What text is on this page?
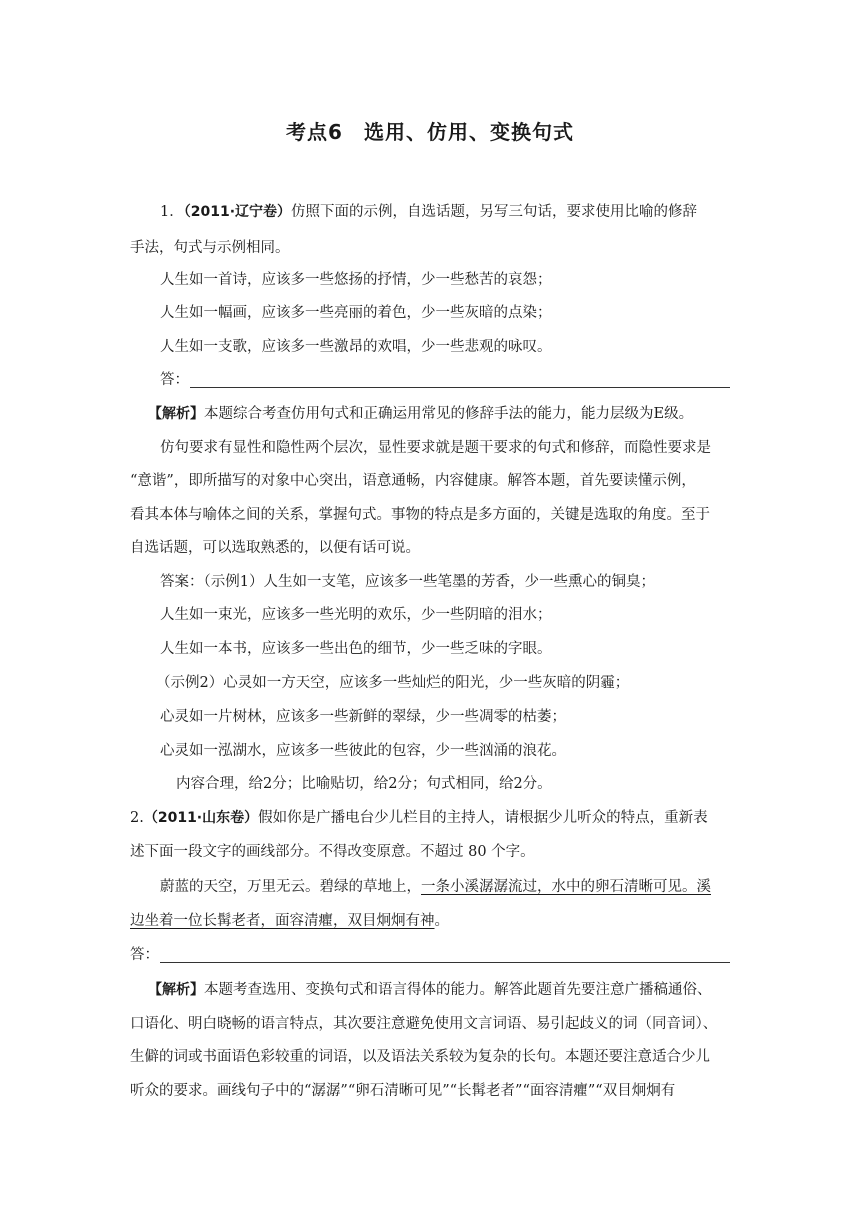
考点6　选用、仿用、变换句式
1．（2011·辽宁卷）仿照下面的示例，自选话题，另写三句话，要求使用比喻的修辞
手法，句式与示例相同。
人生如一首诗，应该多一些悠扬的抒情，少一些愁苦的哀怨；
人生如一幅画，应该多一些亮丽的着色，少一些灰暗的点染；
人生如一支歌，应该多一些激昂的欢唱，少一些悲观的咏叹。
答：
【解析】本题综合考查仿用句式和正确运用常见的修辞手法的能力，能力层级为E级。
仿句要求有显性和隐性两个层次，显性要求就是题干要求的句式和修辞，而隐性要求是
“意谐”，即所描写的对象中心突出，语意通畅，内容健康。解答本题，首先要读懂示例，
看其本体与喻体之间的关系，掌握句式。事物的特点是多方面的，关键是选取的角度。至于
自选话题，可以选取熟悉的，以便有话可说。
答案：（示例1）人生如一支笔，应该多一些笔墨的芳香，少一些熏心的铜臭；
人生如一束光，应该多一些光明的欢乐，少一些阴暗的泪水；
人生如一本书，应该多一些出色的细节，少一些乏味的字眼。
（示例2）心灵如一方天空，应该多一些灿烂的阳光，少一些灰暗的阴霾；
心灵如一片树林，应该多一些新鲜的翠绿，少一些凋零的枯萎；
心灵如一泓湖水，应该多一些彼此的包容，少一些汹涌的浪花。
内容合理，给2分；比喻贴切，给2分；句式相同，给2分。
2.（2011·山东卷）假如你是广播电台少儿栏目的主持人，请根据少儿听众的特点，重新表
述下面一段文字的画线部分。不得改变原意。不超过 80 个字。
蔚蓝的天空，万里无云。碧绿的草地上，一条小溪潺潺流过，水中的卵石清晰可见。溪
边坐着一位长髯老者，面容清癯，双目炯炯有神。
答：
【解析】本题考查选用、变换句式和语言得体的能力。解答此题首先要注意广播稿通俗、
口语化、明白晓畅的语言特点，其次要注意避免使用文言词语、易引起歧义的词（同音词）、
生僻的词或书面语色彩较重的词语，以及语法关系较为复杂的长句。本题还要注意适合少儿
听众的要求。画线句子中的“潺潺”“卵石清晰可见”“长髯老者”“面容清癯”“双目炯炯有
